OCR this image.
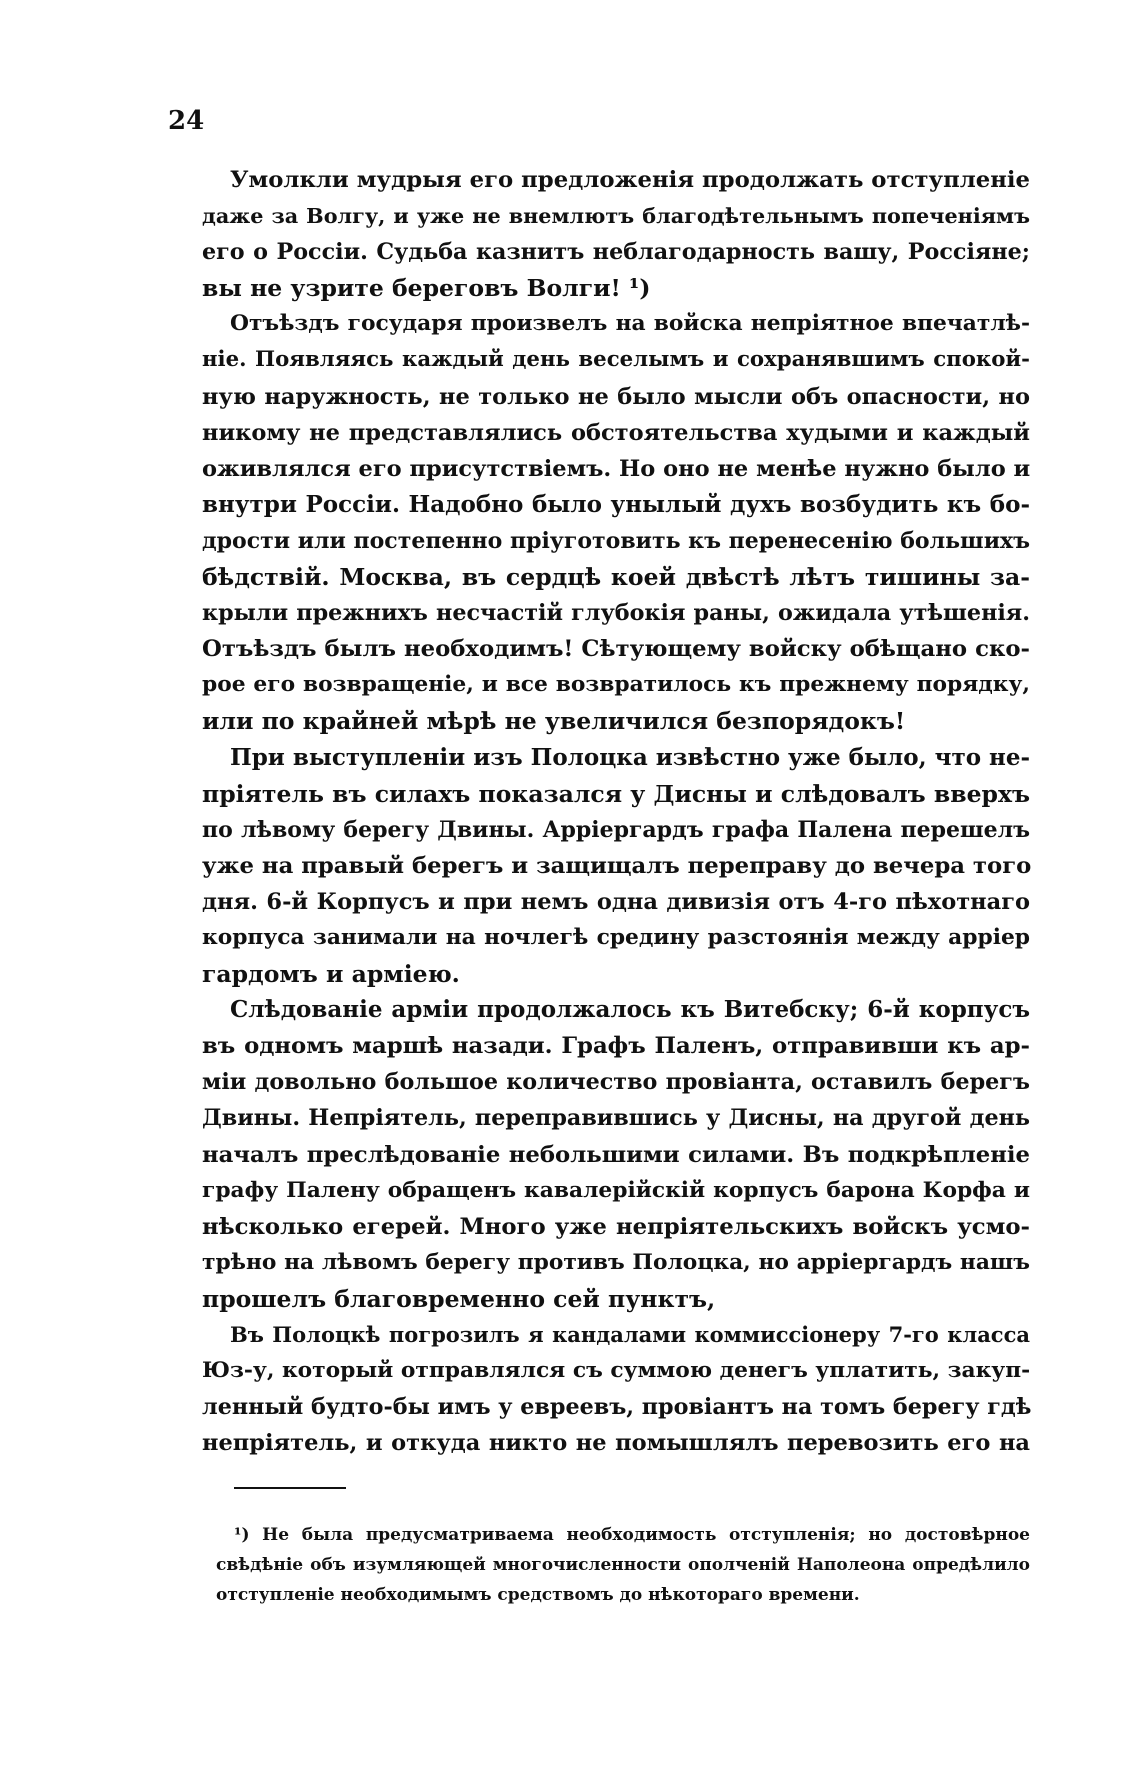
24
Умолкли мудрыя его предложенія продолжать отступленіе
даже за Волгу, и уже не внемлютъ благодѣтельнымъ попеченіямъ
его о Россіи. Судьба казнитъ неблагодарность вашу, Россіяне;
вы не узрите береговъ Волги! ¹)
Отъѣздъ государя произвелъ на войска непріятное впечатлѣ-
ніе. Появляясь каждый день веселымъ и сохранявшимъ спокой-
ную наружность, не только не было мысли объ опасности, но
никому не представлялись обстоятельства худыми и каждый
оживлялся его присутствіемъ. Но оно не менѣе нужно было и
внутри Россіи. Надобно было унылый духъ возбудить къ бо-
дрости или постепенно пріуготовить къ перенесенію большихъ
бѣдствій. Москва, въ сердцѣ коей двѣстѣ лѣтъ тишины за-
крыли прежнихъ несчастій глубокія раны, ожидала утѣшенія.
Отъѣздъ былъ необходимъ! Сѣтующему войску обѣщано ско-
рое его возвращеніе, и все возвратилось къ прежнему порядку,
или по крайней мѣрѣ не увеличился безпорядокъ!
При выступленіи изъ Полоцка извѣстно уже было, что не-
пріятель въ силахъ показался у Дисны и слѣдовалъ вверхъ
по лѣвому берегу Двины. Арріергардъ графа Палена перешелъ
уже на правый берегъ и защищалъ переправу до вечера того
дня. 6-й Корпусъ и при немъ одна дивизія отъ 4-го пѣхотнаго
корпуса занимали на ночлегѣ средину разстоянія между арріер
гардомъ и арміею.
Слѣдованіе арміи продолжалось къ Витебску; 6-й корпусъ
въ одномъ маршѣ назади. Графъ Паленъ, отправивши къ ар-
міи довольно большое количество провіанта, оставилъ берегъ
Двины. Непріятель, переправившись у Дисны, на другой день
началъ преслѣдованіе небольшими силами. Въ подкрѣпленіе
графу Палену обращенъ кавалерійскій корпусъ барона Корфа и
нѣсколько егерей. Много уже непріятельскихъ войскъ усмо-
трѣно на лѣвомъ берегу противъ Полоцка, но арріергардъ нашъ
прошелъ благовременно сей пунктъ,
Въ Полоцкѣ погрозилъ я кандалами коммиссіонеру 7-го класса
Юз-у, который отправлялся съ суммою денегъ уплатить, закуп-
ленный будто-бы имъ у евреевъ, провіантъ на томъ берегу гдѣ
непріятель, и откуда никто не помышлялъ перевозить его на
¹) Не была предусматриваема необходимость отступленія; но достовѣрное
свѣдѣніе объ изумляющей многочисленности ополченій Наполеона опредѣлило
отступленіе необходимымъ средствомъ до нѣкотораго времени.
